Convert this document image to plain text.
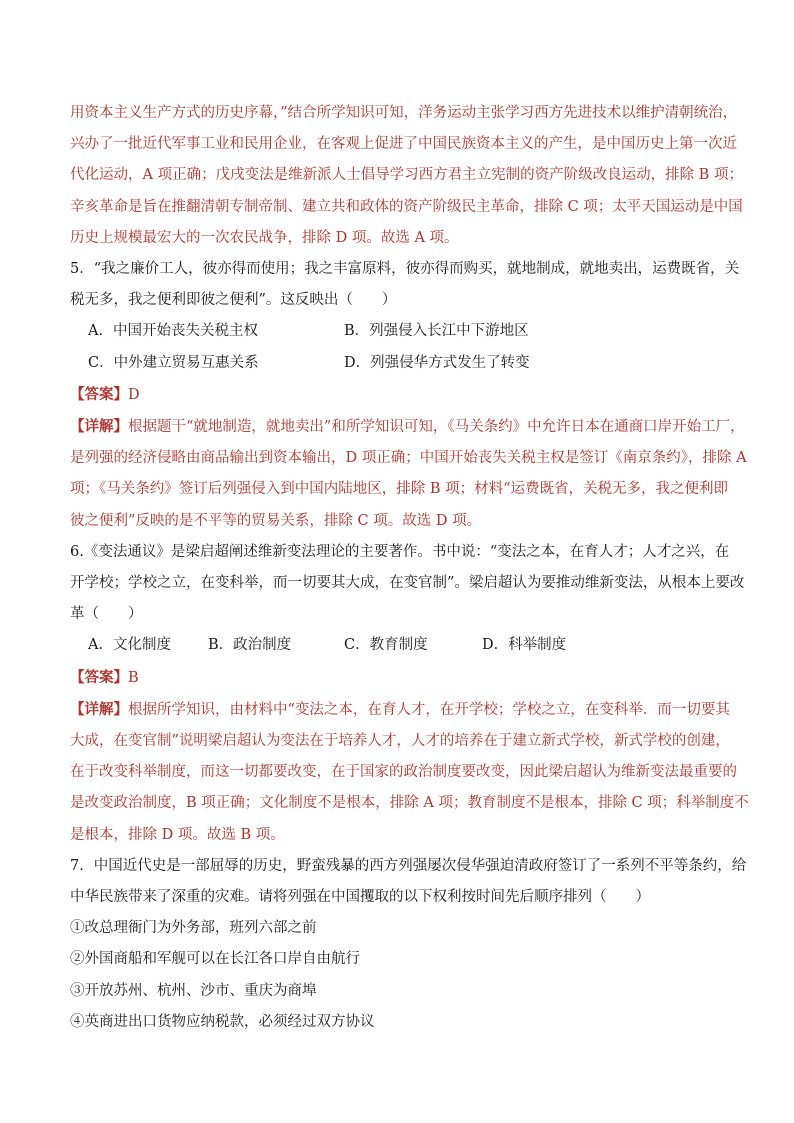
用资本主义生产方式的历史序幕，”结合所学知识可知，洋务运动主张学习西方先进技术以维护清朝统治，
兴办了一批近代军事工业和民用企业，在客观上促进了中国民族资本主义的产生，是中国历史上第一次近
代化运动，A 项正确；戊戌变法是维新派人士倡导学习西方君主立宪制的资产阶级改良运动，排除 B 项；
辛亥革命是旨在推翻清朝专制帝制、建立共和政体的资产阶级民主革命，排除 C 项；太平天国运动是中国
历史上规模最宏大的一次农民战争，排除 D 项。故选 A 项。
5．“我之廉价工人，彼亦得而使用；我之丰富原料，彼亦得而购买，就地制成，就地卖出，运费既省，关
税无多，我之便利即彼之便利”。这反映出（　　）
A．中国开始丧失关税主权	B．列强侵入长江中下游地区
C．中外建立贸易互惠关系	D．列强侵华方式发生了转变
【答案】D
【详解】根据题干“就地制造，就地卖出”和所学知识可知，《马关条约》中允许日本在通商口岸开始工厂，
是列强的经济侵略由商品输出到资本输出，D 项正确；中国开始丧失关税主权是签订《南京条约》，排除 A
项；《马关条约》签订后列强侵入到中国内陆地区，排除 B 项；材料“运费既省，关税无多，我之便利即
彼之便利”反映的是不平等的贸易关系，排除 C 项。故选 D 项。
6.《变法通议》是梁启超阐述维新变法理论的主要著作。书中说：“变法之本，在育人才；人才之兴，在
开学校；学校之立，在变科举，而一切要其大成，在变官制”。梁启超认为要推动维新变法，从根本上要改
革（　　）
A．文化制度	B．政治制度	C．教育制度	D．科举制度
【答案】B
【详解】根据所学知识，由材料中“变法之本，在育人才，在开学校；学校之立，在变科举．而一切要其
大成，在变官制”说明梁启超认为变法在于培养人才，人才的培养在于建立新式学校，新式学校的创建，
在于改变科举制度，而这一切都要改变，在于国家的政治制度要改变，因此梁启超认为维新变法最重要的
是改变政治制度，B 项正确；文化制度不是根本，排除 A 项；教育制度不是根本，排除 C 项；科举制度不
是根本，排除 D 项。故选 B 项。
7．中国近代史是一部屈辱的历史，野蛮残暴的西方列强屡次侵华强迫清政府签订了一系列不平等条约，给
中华民族带来了深重的灾难。请将列强在中国攫取的以下权利按时间先后顺序排列（　　）
①改总理衙门为外务部，班列六部之前
②外国商船和军舰可以在长江各口岸自由航行
③开放苏州、杭州、沙市、重庆为商埠
④英商进出口货物应纳税款，必须经过双方协议
